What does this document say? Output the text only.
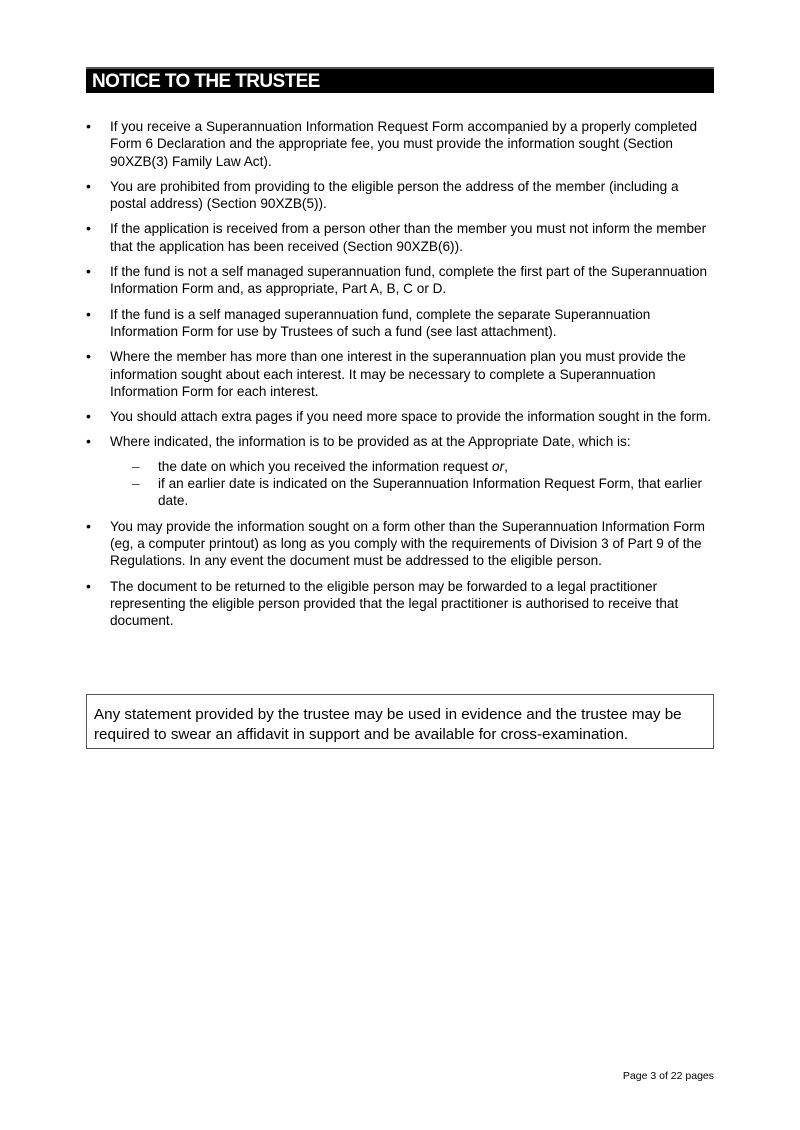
NOTICE TO THE TRUSTEE
•	If you receive a Superannuation Information Request Form accompanied by a properly completed Form 6 Declaration and the appropriate fee, you must provide the information sought (Section 90XZB(3) Family Law Act).
•	You are prohibited from providing to the eligible person the address of the member (including a postal address) (Section 90XZB(5)).
•	If the application is received from a person other than the member you must not inform the member that the application has been received (Section 90XZB(6)).
•	If the fund is not a self managed superannuation fund, complete the first part of the Superannuation Information Form and, as appropriate, Part A, B, C or D.
•	If the fund is a self managed superannuation fund, complete the separate Superannuation Information Form for use by Trustees of such a fund (see last attachment).
•	Where the member has more than one interest in the superannuation plan you must provide the information sought about each interest. It may be necessary to complete a Superannuation Information Form for each interest.
•	You should attach extra pages if you need more space to provide the information sought in the form.
•	Where indicated, the information is to be provided as at the Appropriate Date, which is:
– the date on which you received the information request or,
– if an earlier date is indicated on the Superannuation Information Request Form, that earlier date.
•	You may provide the information sought on a form other than the Superannuation Information Form (eg, a computer printout) as long as you comply with the requirements of Division 3 of Part 9 of the Regulations. In any event the document must be addressed to the eligible person.
•	The document to be returned to the eligible person may be forwarded to a legal practitioner representing the eligible person provided that the legal practitioner is authorised to receive that document.
Any statement provided by the trustee may be used in evidence and the trustee may be required to swear an affidavit in support and be available for cross-examination.
Page 3 of 22 pages
